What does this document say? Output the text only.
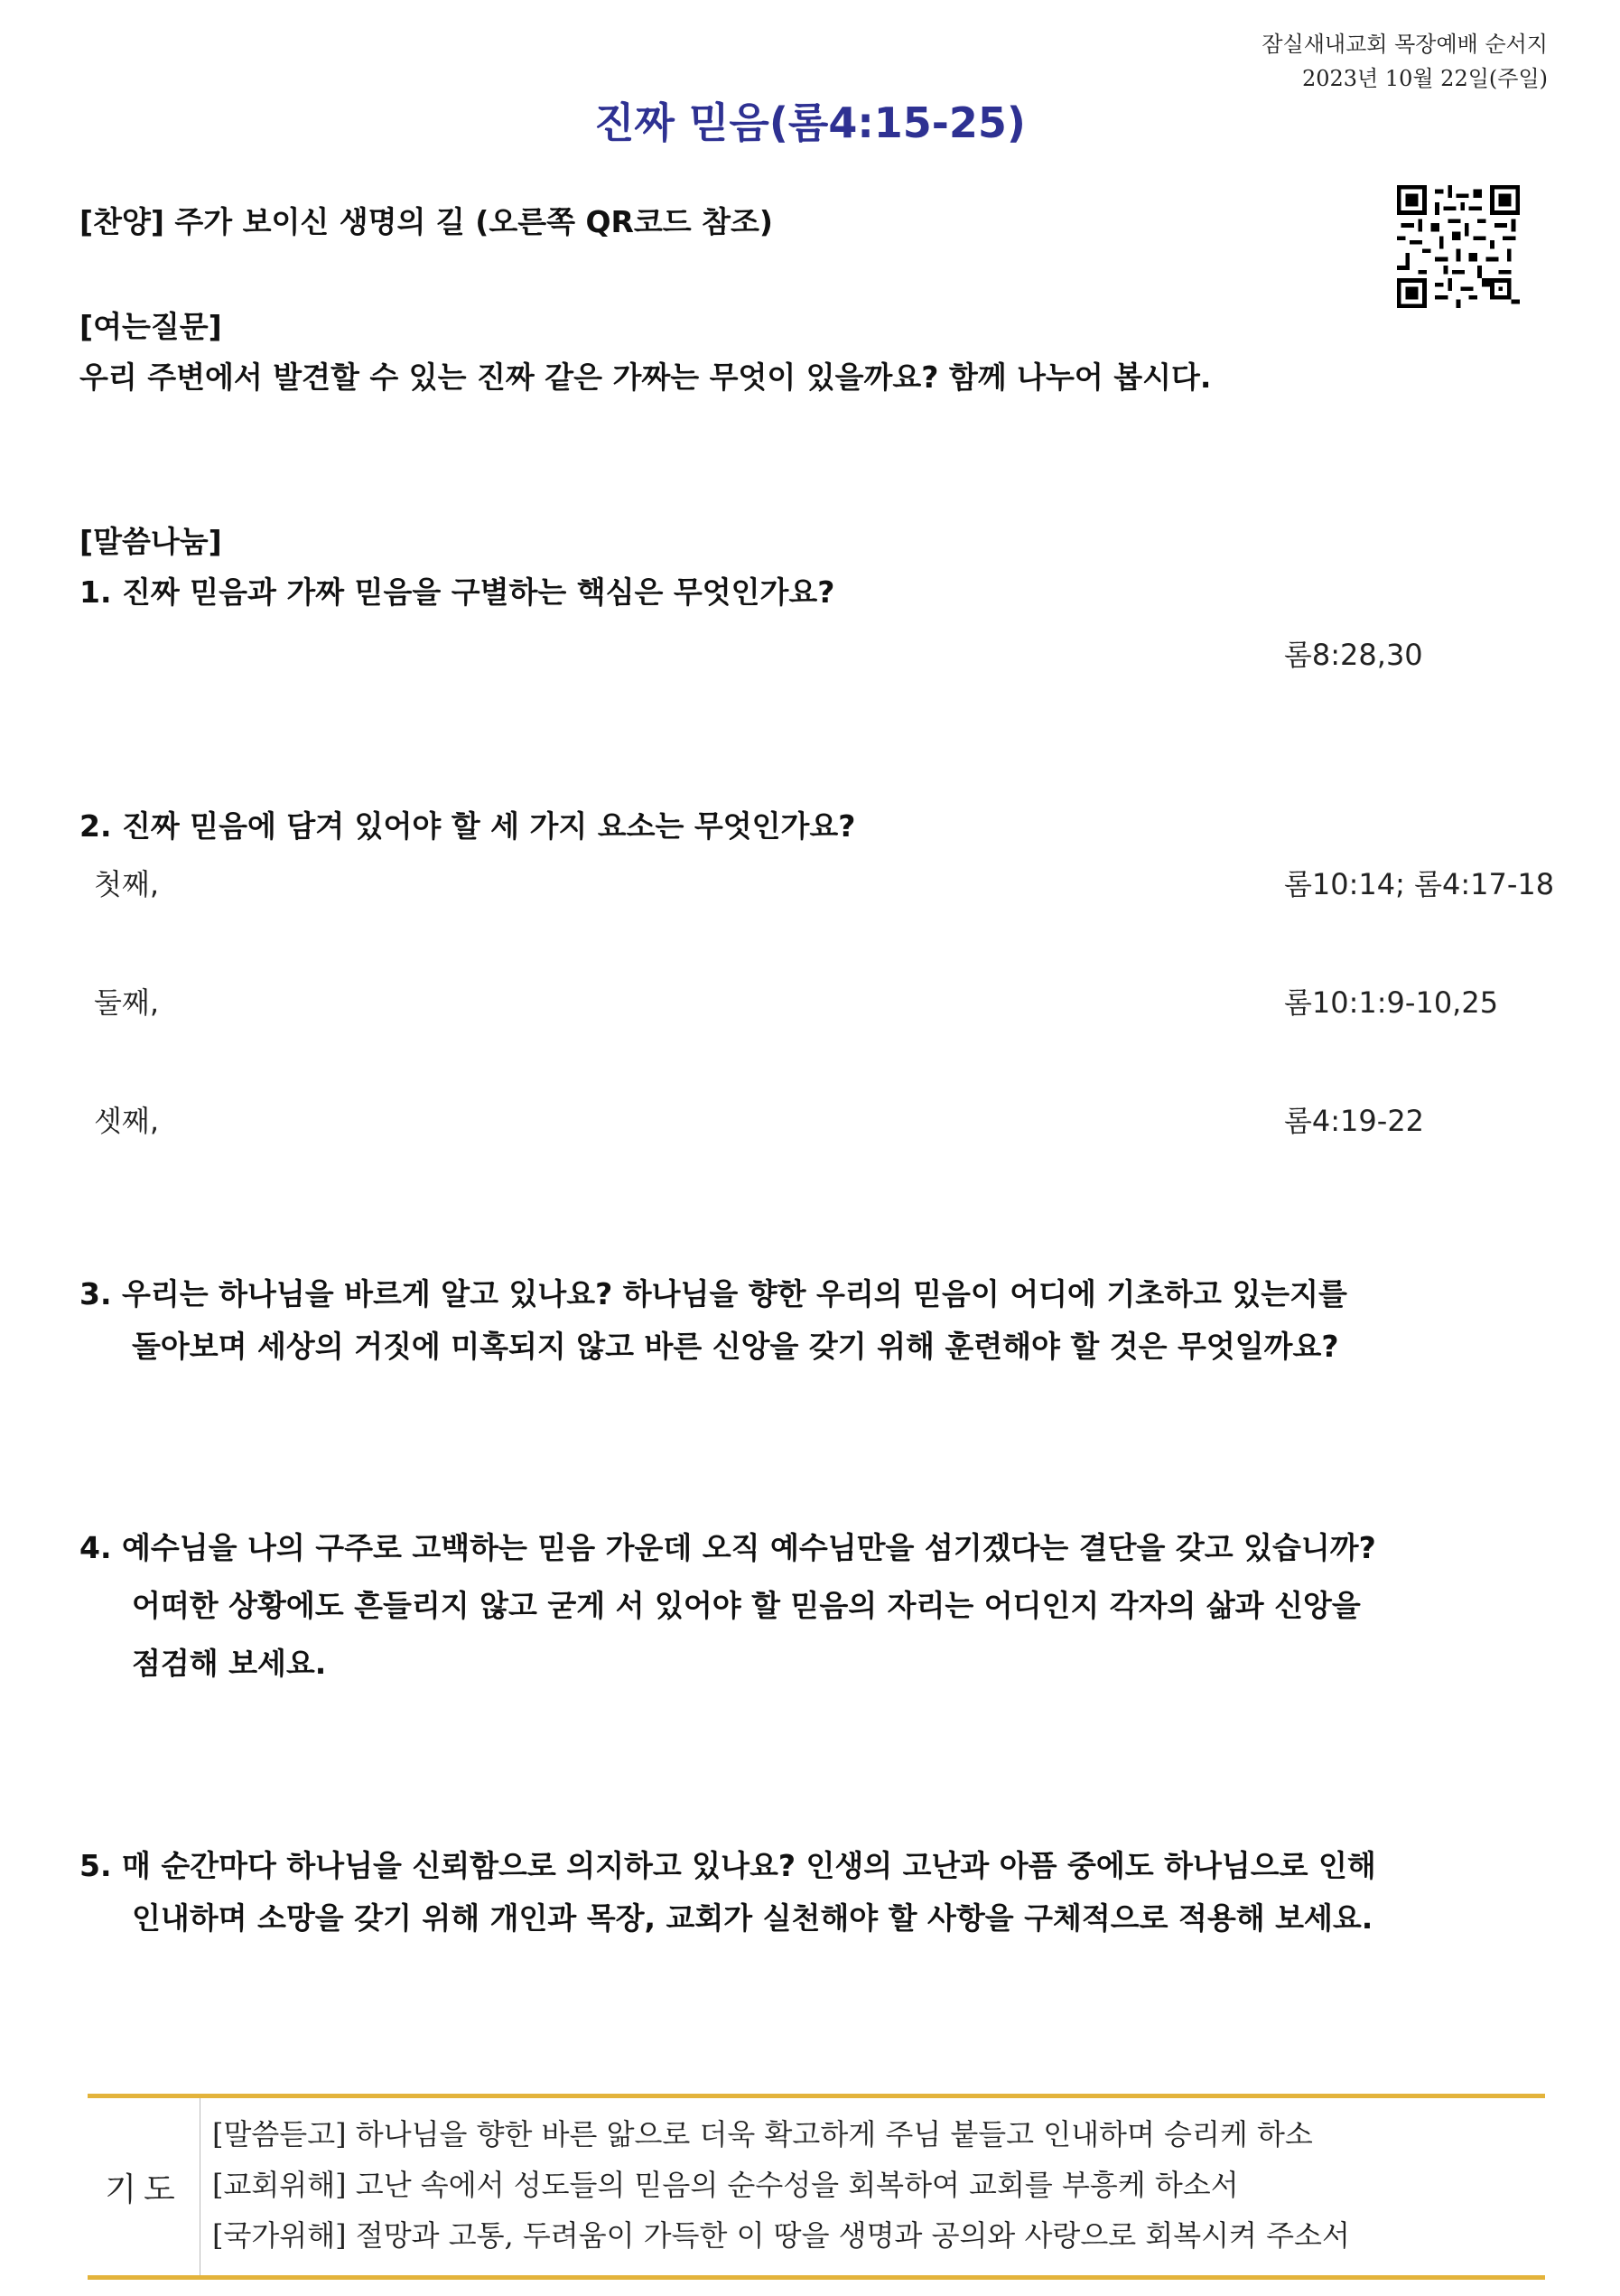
잠실새내교회 목장예배 순서지
2023년 10월 22일(주일)
진짜 믿음(롬4:15-25)
[찬양] 주가 보이신 생명의 길 (오른쪽 QR코드 참조)
[여는질문]
우리 주변에서 발견할 수 있는 진짜 같은 가짜는 무엇이 있을까요? 함께 나누어 봅시다.
[말씀나눔]
1. 진짜 믿음과 가짜 믿음을 구별하는 핵심은 무엇인가요?
롬8:28,30
2. 진짜 믿음에 담겨 있어야 할 세 가지 요소는 무엇인가요?
첫째,	롬10:14; 롬4:17-18
둘째,	롬10:1:9-10,25
셋째,	롬4:19-22
3. 우리는 하나님을 바르게 알고 있나요? 하나님을 향한 우리의 믿음이 어디에 기초하고 있는지를
돌아보며 세상의 거짓에 미혹되지 않고 바른 신앙을 갖기 위해 훈련해야 할 것은 무엇일까요?
4. 예수님을 나의 구주로 고백하는 믿음 가운데 오직 예수님만을 섬기겠다는 결단을 갖고 있습니까?
어떠한 상황에도 흔들리지 않고 굳게 서 있어야 할 믿음의 자리는 어디인지 각자의 삶과 신앙을
점검해 보세요.
5. 매 순간마다 하나님을 신뢰함으로 의지하고 있나요? 인생의 고난과 아픔 중에도 하나님으로 인해
인내하며 소망을 갖기 위해 개인과 목장, 교회가 실천해야 할 사항을 구체적으로 적용해 보세요.
기도
[말씀듣고] 하나님을 향한 바른 앎으로 더욱 확고하게 주님 붙들고 인내하며 승리케 하소
[교회위해] 고난 속에서 성도들의 믿음의 순수성을 회복하여 교회를 부흥케 하소서
[국가위해] 절망과 고통, 두려움이 가득한 이 땅을 생명과 공의와 사랑으로 회복시켜 주소서
